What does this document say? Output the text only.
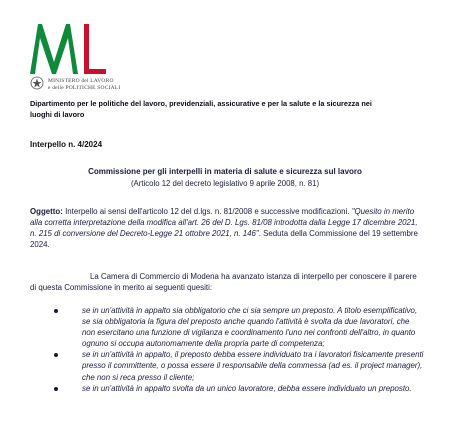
MINISTERO del LAVORO
e delle POLITICHE SOCIALI
Dipartimento per le politiche del lavoro, previdenziali, assicurative e per la salute e la sicurezza nei luoghi di lavoro
Interpello n. 4/2024
Commissione per gli interpelli in materia di salute e sicurezza sul lavoro
(Articolo 12 del decreto legislativo 9 aprile 2008, n. 81)
Oggetto: Interpello ai sensi dell'articolo 12 del d.lgs. n. 81/2008 e successive modificazioni. "Quesito in merito alla corretta interpretazione della modifica all'art. 26 del D. Lgs. 81/08 introdotta dalla Legge 17 dicembre 2021, n. 215 di conversione del Decreto-Legge 21 ottobre 2021, n. 146". Seduta della Commissione del 19 settembre 2024.
La Camera di Commercio di Modena ha avanzato istanza di interpello per conoscere il parere di questa Commissione in merito ai seguenti quesiti:
se in un'attività in appalto sia obbligatorio che ci sia sempre un preposto. A titolo esemplificativo, se sia obbligatoria la figura del preposto anche quando l'attività è svolta da due lavoratori, che non esercitano una funzione di vigilanza e coordinamento l'uno nei confronti dell'altro, in quanto ognuno si occupa autonomamente della propria parte di competenza;
se in un'attività in appalto, il preposto debba essere individuato tra i lavoratori fisicamente presenti presso il committente, o possa essere il responsabile della commessa (ad es. il project manager), che non si reca presso il cliente;
se in un'attività in appalto svolta da un unico lavoratore, debba essere individuato un preposto.
